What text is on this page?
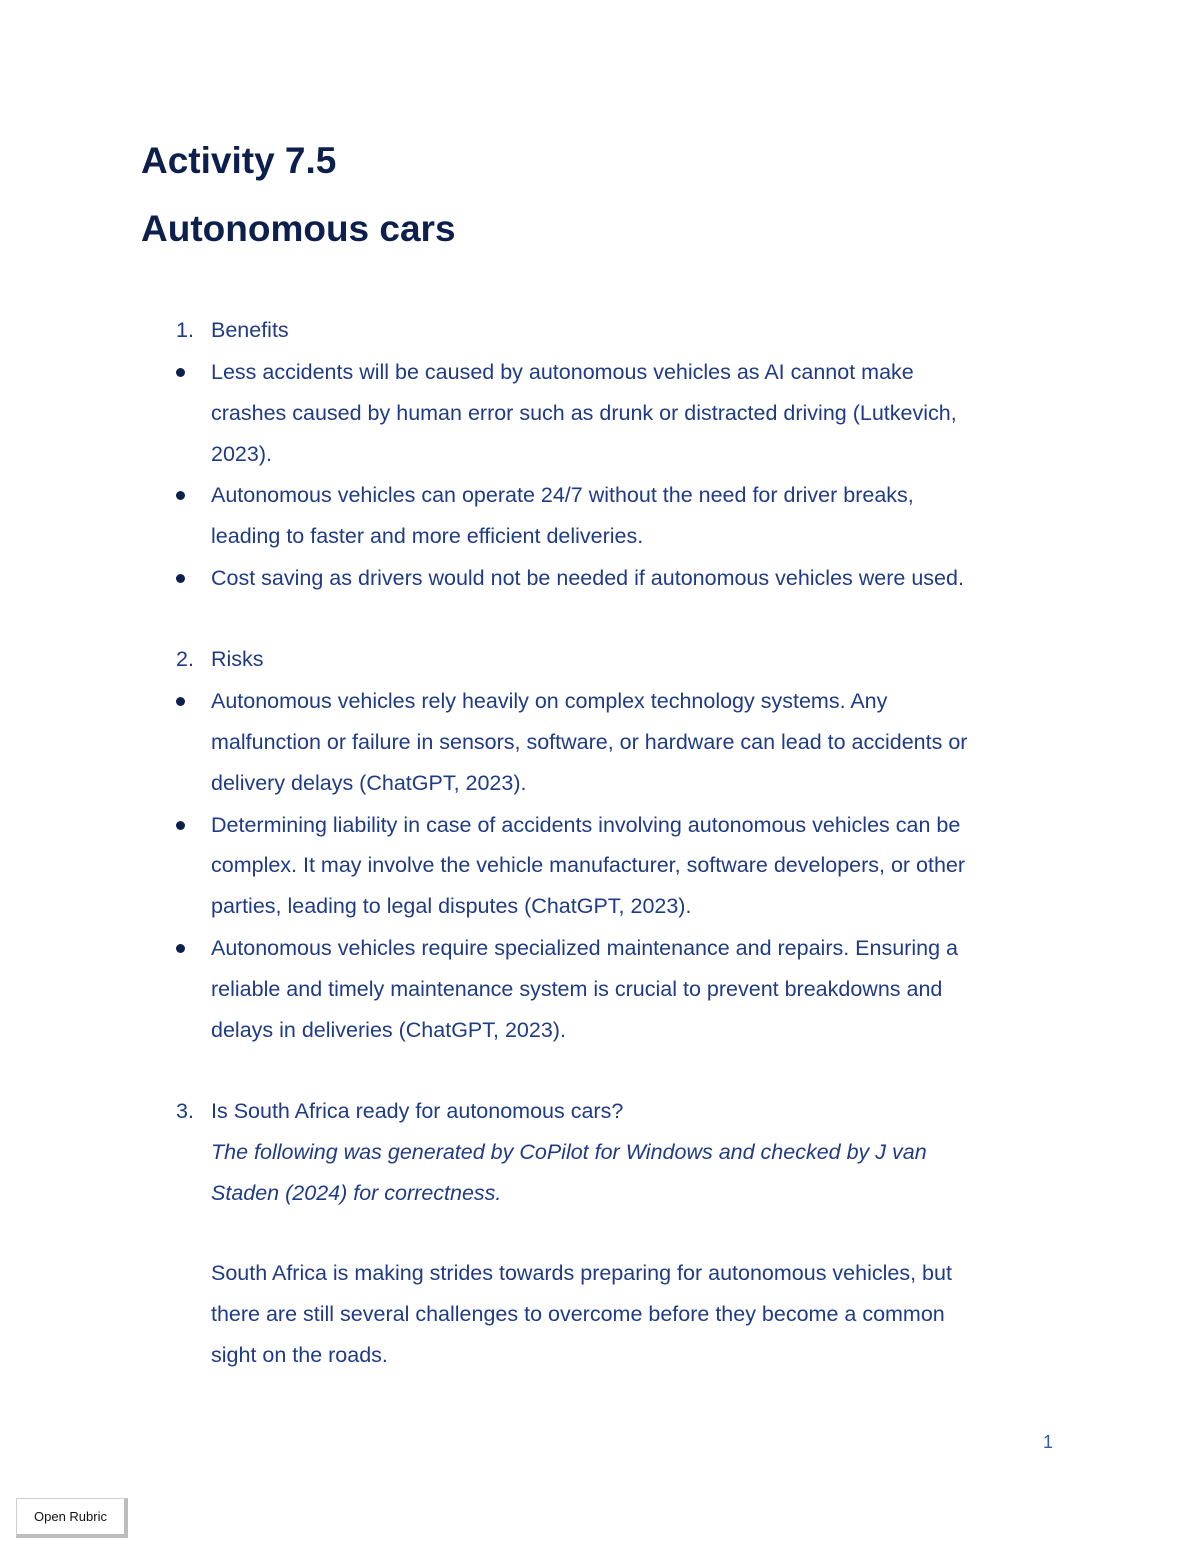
Activity 7.5
Autonomous cars
1. Benefits
Less accidents will be caused by autonomous vehicles as AI cannot make
crashes caused by human error such as drunk or distracted driving (Lutkevich,
2023).
Autonomous vehicles can operate 24/7 without the need for driver breaks,
leading to faster and more efficient deliveries.
Cost saving as drivers would not be needed if autonomous vehicles were used.
2. Risks
Autonomous vehicles rely heavily on complex technology systems. Any
malfunction or failure in sensors, software, or hardware can lead to accidents or
delivery delays (ChatGPT, 2023).
Determining liability in case of accidents involving autonomous vehicles can be
complex. It may involve the vehicle manufacturer, software developers, or other
parties, leading to legal disputes (ChatGPT, 2023).
Autonomous vehicles require specialized maintenance and repairs. Ensuring a
reliable and timely maintenance system is crucial to prevent breakdowns and
delays in deliveries (ChatGPT, 2023).
3. Is South Africa ready for autonomous cars?
The following was generated by CoPilot for Windows and checked by J van
Staden (2024) for correctness.
South Africa is making strides towards preparing for autonomous vehicles, but
there are still several challenges to overcome before they become a common
sight on the roads.
1
Open Rubric
